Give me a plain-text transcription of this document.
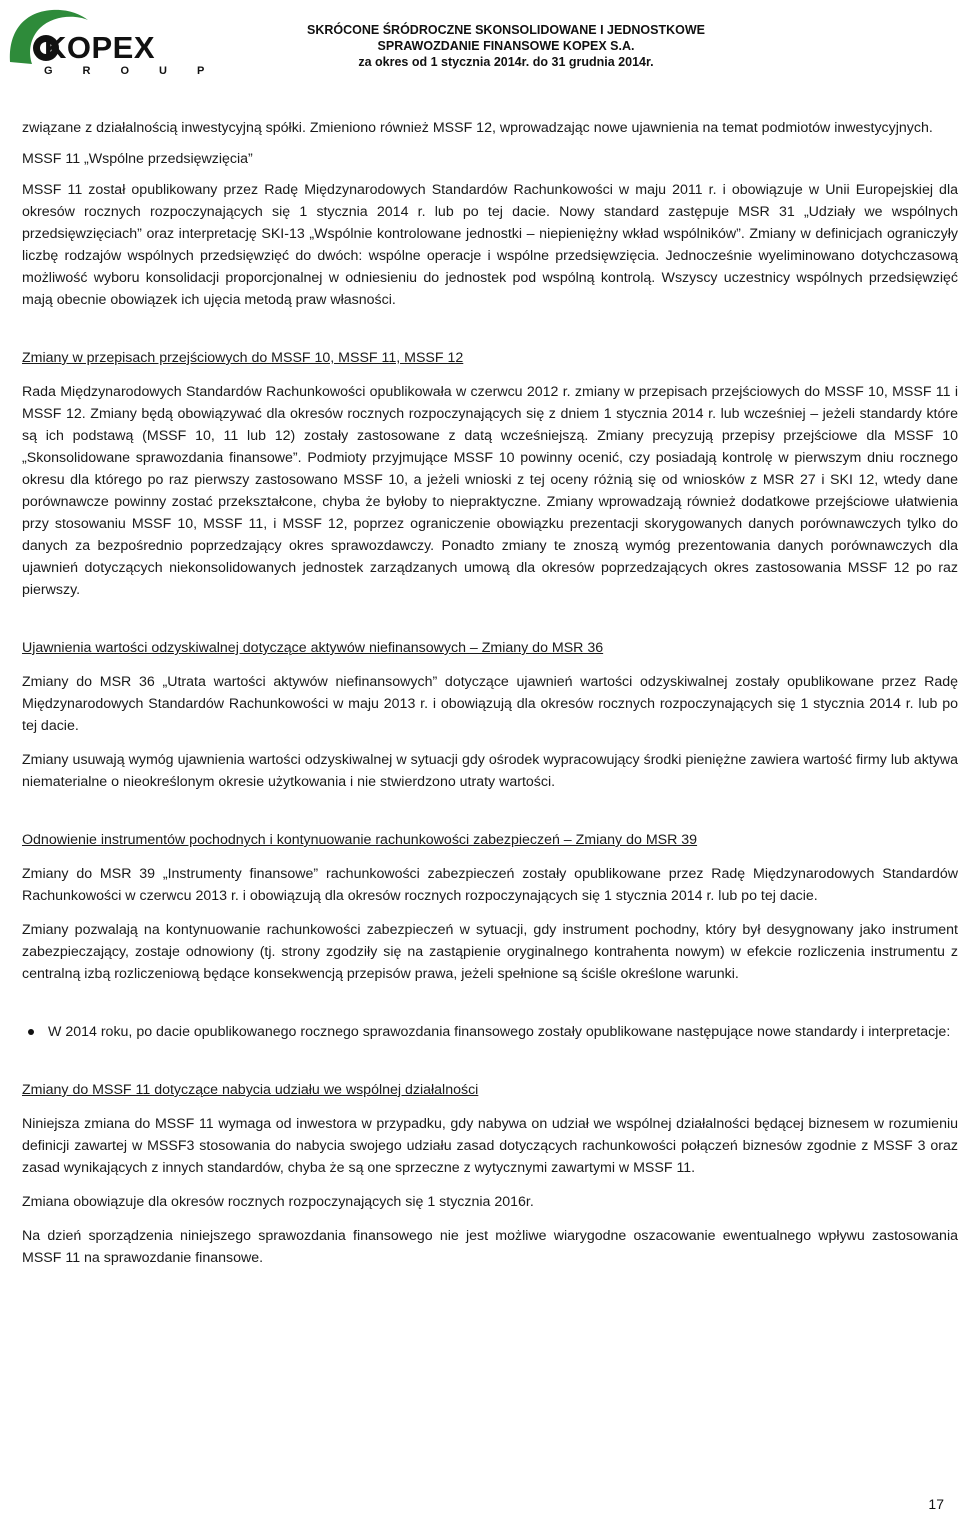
KOPEX
GROUP
SKRÓCONE ŚRÓDROCZNE SKONSOLIDOWANE I JEDNOSTKOWE
SPRAWOZDANIE FINANSOWE KOPEX S.A.
za okres od 1 stycznia 2014r. do 31 grudnia 2014r.

związane z działalnością inwestycyjną spółki. Zmieniono również MSSF 12, wprowadzając nowe ujawnienia na temat podmiotów inwestycyjnych.

MSSF 11 „Wspólne przedsięwzięcia”

MSSF 11 został opublikowany przez Radę Międzynarodowych Standardów Rachunkowości w maju 2011 r. i obowiązuje w Unii Europejskiej dla okresów rocznych rozpoczynających się 1 stycznia 2014 r. lub po tej dacie. Nowy standard zastępuje MSR 31 „Udziały we wspólnych przedsięwzięciach” oraz interpretację SKI-13 „Wspólnie kontrolowane jednostki – niepieniężny wkład wspólników”. Zmiany w definicjach ograniczyły liczbę rodzajów wspólnych przedsięwzięć do dwóch: wspólne operacje i wspólne przedsięwzięcia. Jednocześnie wyeliminowano dotychczasową możliwość wyboru konsolidacji proporcjonalnej w odniesieniu do jednostek pod wspólną kontrolą. Wszyscy uczestnicy wspólnych przedsięwzięć mają obecnie obowiązek ich ujęcia metodą praw własności.

Zmiany w przepisach przejściowych do MSSF 10, MSSF 11, MSSF 12

Rada Międzynarodowych Standardów Rachunkowości opublikowała w czerwcu 2012 r. zmiany w przepisach przejściowych do MSSF 10, MSSF 11 i MSSF 12. Zmiany będą obowiązywać dla okresów rocznych rozpoczynających się z dniem 1 stycznia 2014 r. lub wcześniej – jeżeli standardy które są ich podstawą (MSSF 10, 11 lub 12) zostały zastosowane z datą wcześniejszą. Zmiany precyzują przepisy przejściowe dla MSSF 10 „Skonsolidowane sprawozdania finansowe”. Podmioty przyjmujące MSSF 10 powinny ocenić, czy posiadają kontrolę w pierwszym dniu rocznego okresu dla którego po raz pierwszy zastosowano MSSF 10, a jeżeli wnioski z tej oceny różnią się od wniosków z MSR 27 i SKI 12, wtedy dane porównawcze powinny zostać przekształcone, chyba że byłoby to niepraktyczne. Zmiany wprowadzają również dodatkowe przejściowe ułatwienia przy stosowaniu MSSF 10, MSSF 11, i MSSF 12, poprzez ograniczenie obowiązku prezentacji skorygowanych danych porównawczych tylko do danych za bezpośrednio poprzedzający okres sprawozdawczy. Ponadto zmiany te znoszą wymóg prezentowania danych porównawczych dla ujawnień dotyczących niekonsolidowanych jednostek zarządzanych umową dla okresów poprzedzających okres zastosowania MSSF 12 po raz pierwszy.

Ujawnienia wartości odzyskiwalnej dotyczące aktywów niefinansowych – Zmiany do MSR 36

Zmiany do MSR 36 „Utrata wartości aktywów niefinansowych” dotyczące ujawnień wartości odzyskiwalnej zostały opublikowane przez Radę Międzynarodowych Standardów Rachunkowości w maju 2013 r. i obowiązują dla okresów rocznych rozpoczynających się 1 stycznia 2014 r. lub po tej dacie.

Zmiany usuwają wymóg ujawnienia wartości odzyskiwalnej w sytuacji gdy ośrodek wypracowujący środki pieniężne zawiera wartość firmy lub aktywa niematerialne o nieokreślonym okresie użytkowania i nie stwierdzono utraty wartości.

Odnowienie instrumentów pochodnych i kontynuowanie rachunkowości zabezpieczeń – Zmiany do MSR 39

Zmiany do MSR 39 „Instrumenty finansowe” rachunkowości zabezpieczeń zostały opublikowane przez Radę Międzynarodowych Standardów Rachunkowości w czerwcu 2013 r. i obowiązują dla okresów rocznych rozpoczynających się 1 stycznia 2014 r. lub po tej dacie.

Zmiany pozwalają na kontynuowanie rachunkowości zabezpieczeń w sytuacji, gdy instrument pochodny, który był desygnowany jako instrument zabezpieczający, zostaje odnowiony (tj. strony zgodziły się na zastąpienie oryginalnego kontrahenta nowym) w efekcie rozliczenia instrumentu z centralną izbą rozliczeniową będące konsekwencją przepisów prawa, jeżeli spełnione są ściśle określone warunki.

W 2014 roku, po dacie opublikowanego rocznego sprawozdania finansowego zostały opublikowane następujące nowe standardy i interpretacje:

Zmiany do MSSF 11 dotyczące nabycia udziału we wspólnej działalności

Niniejsza zmiana do MSSF 11 wymaga od inwestora w przypadku, gdy nabywa on udział we wspólnej działalności będącej biznesem w rozumieniu definicji zawartej w MSSF3 stosowania do nabycia swojego udziału zasad dotyczących rachunkowości połączeń biznesów zgodnie z MSSF 3 oraz zasad wynikających z innych standardów, chyba że są one sprzeczne z wytycznymi zawartymi w MSSF 11.

Zmiana obowiązuje dla okresów rocznych rozpoczynających się 1 stycznia 2016r.

Na dzień sporządzenia niniejszego sprawozdania finansowego nie jest możliwe wiarygodne oszacowanie ewentualnego wpływu zastosowania MSSF 11 na sprawozdanie finansowe.

17
